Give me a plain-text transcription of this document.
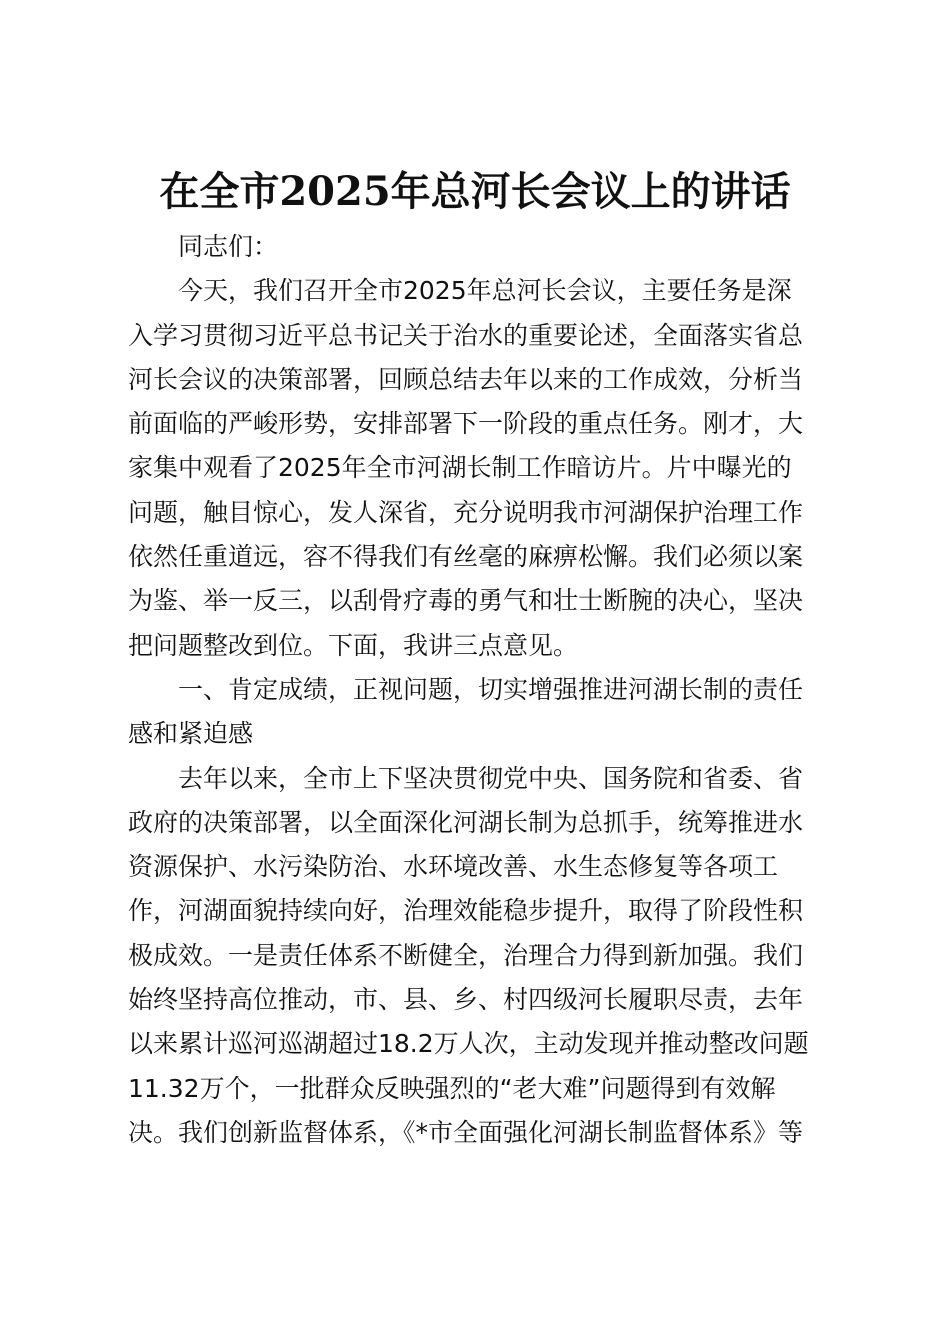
在全市2025年总河长会议上的讲话
同志们：
今天，我们召开全市2025年总河长会议，主要任务是深
入学习贯彻习近平总书记关于治水的重要论述，全面落实省总
河长会议的决策部署，回顾总结去年以来的工作成效，分析当
前面临的严峻形势，安排部署下一阶段的重点任务。刚才，大
家集中观看了2025年全市河湖长制工作暗访片。片中曝光的
问题，触目惊心，发人深省，充分说明我市河湖保护治理工作
依然任重道远，容不得我们有丝毫的麻痹松懈。我们必须以案
为鉴、举一反三，以刮骨疗毒的勇气和壮士断腕的决心，坚决
把问题整改到位。下面，我讲三点意见。
一、肯定成绩，正视问题，切实增强推进河湖长制的责任
感和紧迫感
去年以来，全市上下坚决贯彻党中央、国务院和省委、省
政府的决策部署，以全面深化河湖长制为总抓手，统筹推进水
资源保护、水污染防治、水环境改善、水生态修复等各项工
作，河湖面貌持续向好，治理效能稳步提升，取得了阶段性积
极成效。一是责任体系不断健全，治理合力得到新加强。我们
始终坚持高位推动，市、县、乡、村四级河长履职尽责，去年
以来累计巡河巡湖超过18.2万人次，主动发现并推动整改问题
11.32万个，一批群众反映强烈的“老大难”问题得到有效解
决。我们创新监督体系，《*市全面强化河湖长制监督体系》等
